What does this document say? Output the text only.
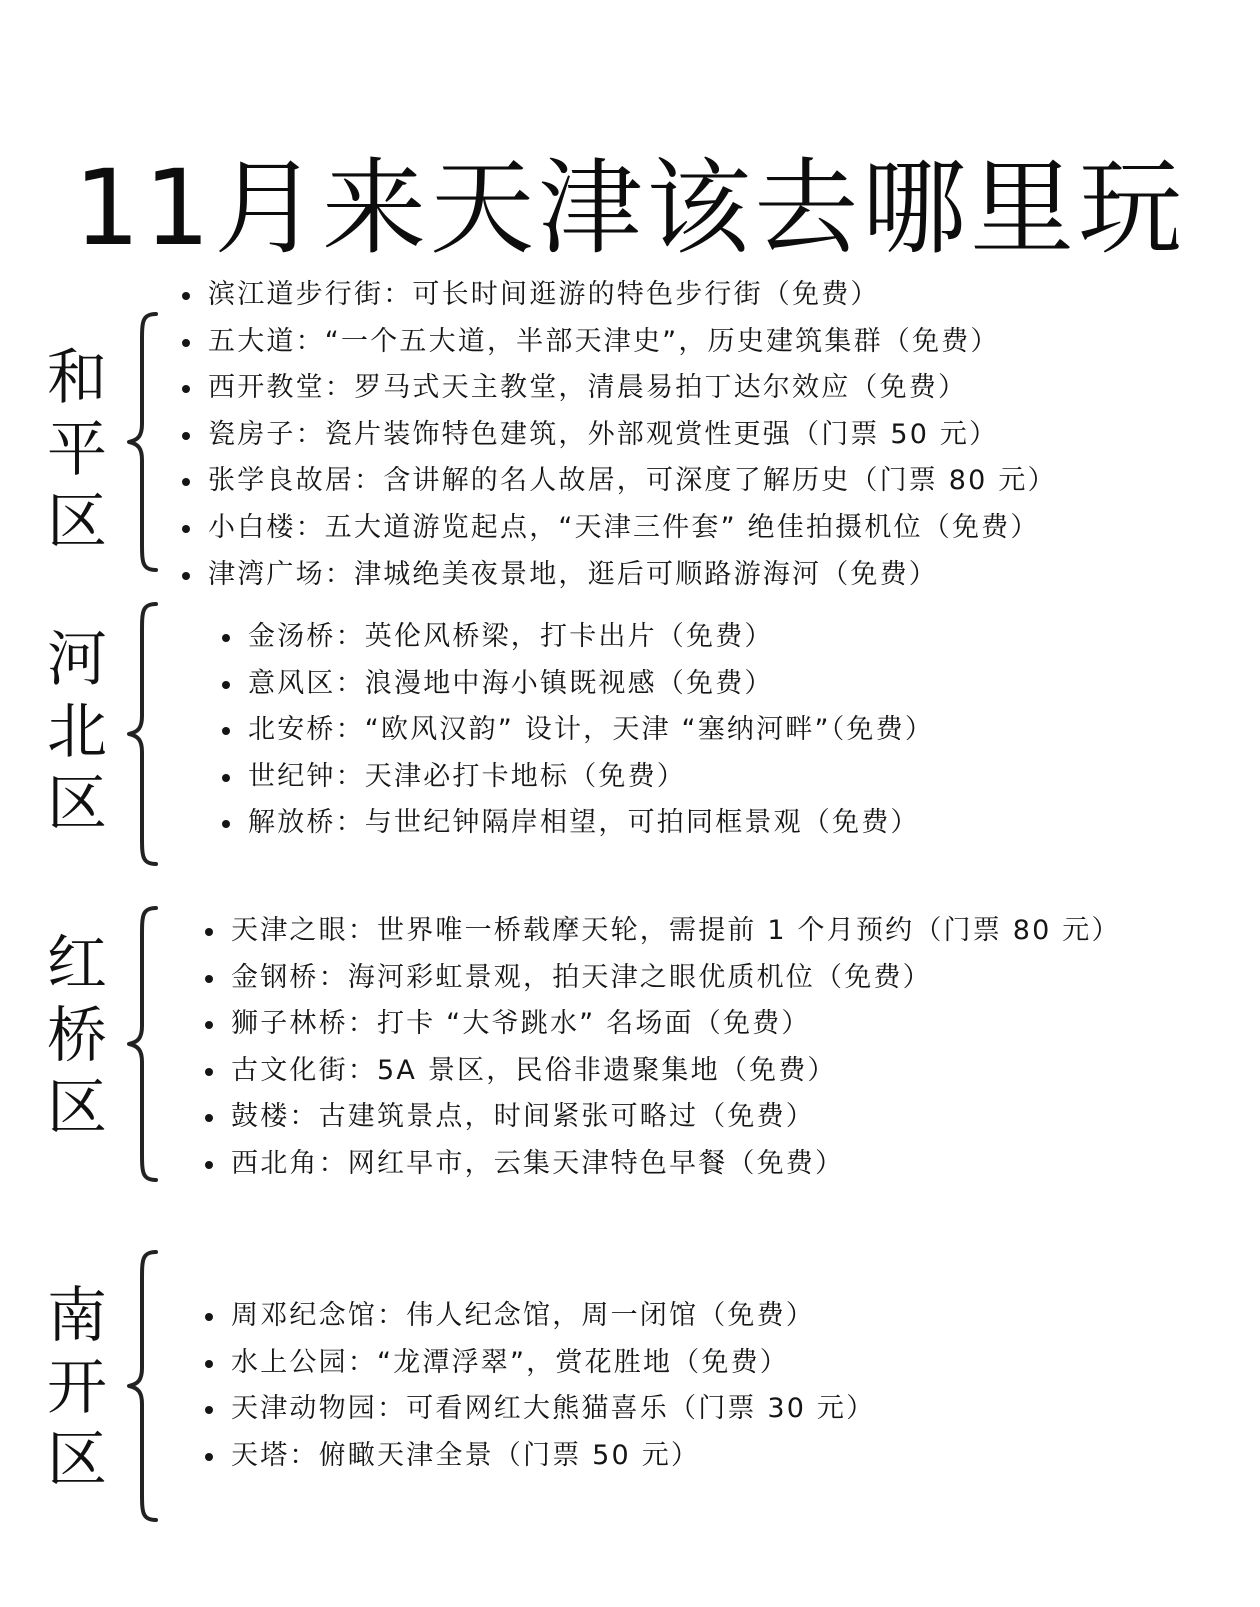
11月来天津该去哪里玩
和
平
区
滨江道步行街：可长时间逛游的特色步行街（免费）
五大道：“一个五大道，半部天津史”，历史建筑集群（免费）
西开教堂：罗马式天主教堂，清晨易拍丁达尔效应（免费）
瓷房子：瓷片装饰特色建筑，外部观赏性更强（门票 50 元）
张学良故居：含讲解的名人故居，可深度了解历史（门票 80 元）
小白楼：五大道游览起点，“天津三件套” 绝佳拍摄机位（免费）
津湾广场：津城绝美夜景地，逛后可顺路游海河（免费）
河
北
区
金汤桥：英伦风桥梁，打卡出片（免费）
意风区：浪漫地中海小镇既视感（免费）
北安桥：“欧风汉韵” 设计，天津 “塞纳河畔”（免费）
世纪钟：天津必打卡地标（免费）
解放桥：与世纪钟隔岸相望，可拍同框景观（免费）
红
桥
区
天津之眼：世界唯一桥载摩天轮，需提前 1 个月预约（门票 80 元）
金钢桥：海河彩虹景观，拍天津之眼优质机位（免费）
狮子林桥：打卡 “大爷跳水” 名场面（免费）
古文化街：5A 景区，民俗非遗聚集地（免费）
鼓楼：古建筑景点，时间紧张可略过（免费）
西北角：网红早市，云集天津特色早餐（免费）
南
开
区
周邓纪念馆：伟人纪念馆，周一闭馆（免费）
水上公园：“龙潭浮翠”，赏花胜地（免费）
天津动物园：可看网红大熊猫喜乐（门票 30 元）
天塔：俯瞰天津全景（门票 50 元）
